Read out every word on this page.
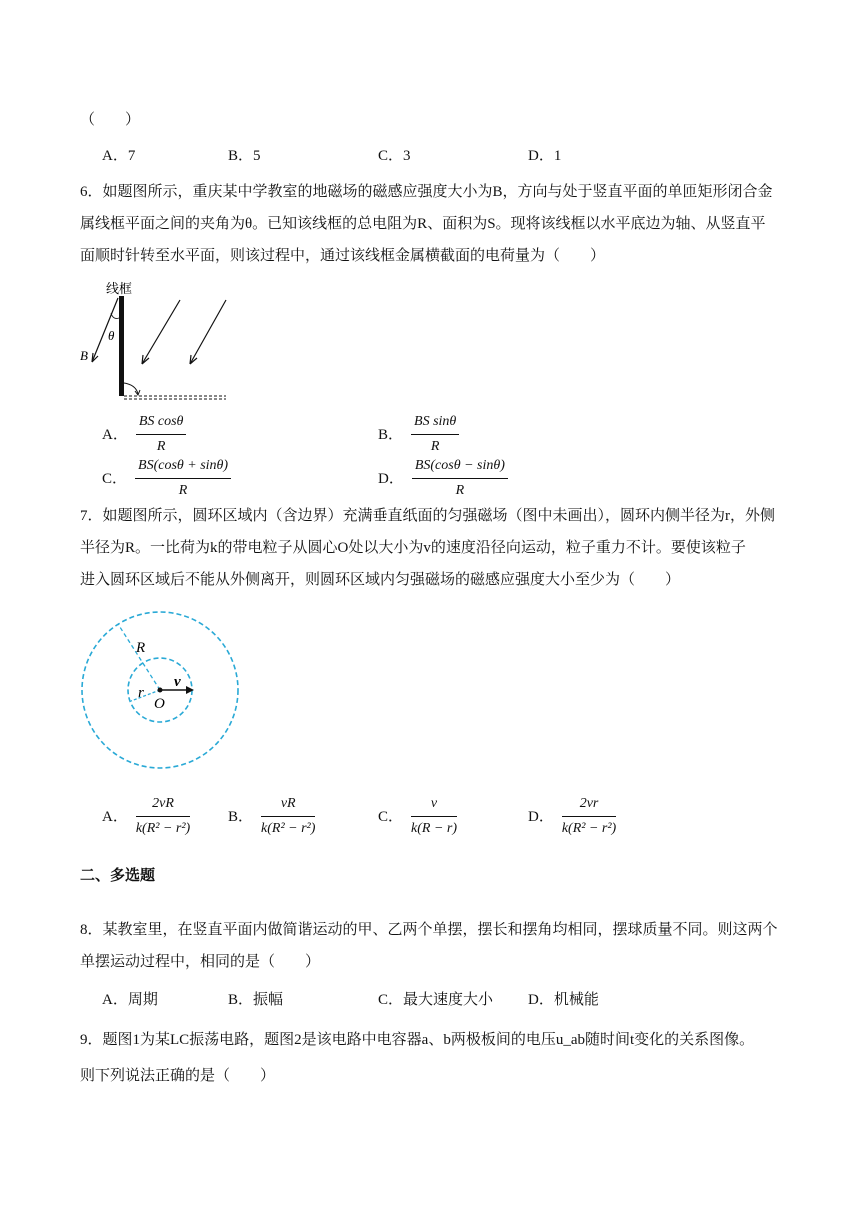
（　　）
A．7	B．5	C．3	D．1
6．如题图所示，重庆某中学教室的地磁场的磁感应强度大小为B，方向与处于竖直平面的单匝矩形闭合金
属线框平面之间的夹角为θ。已知该线框的总电阻为R、面积为S。现将该线框以水平底边为轴、从竖直平
面顺时针转至水平面，则该过程中，通过该线框金属横截面的电荷量为（　　）
线框
θ
B
A． $\frac{\text{BS cosθ}}{R}$	B． $\frac{\text{BS sinθ}}{R}$
C． $\frac{BS(\cos\theta + \sin\theta)}{R}$	D． $\frac{BS(\cos\theta - \sin\theta)}{R}$
7．如题图所示，圆环区域内（含边界）充满垂直纸面的匀强磁场（图中未画出），圆环内侧半径为r，外侧
半径为R。一比荷为k的带电粒子从圆心O处以大小为v的速度沿径向运动，粒子重力不计。要使该粒子
进入圆环区域后不能从外侧离开，则圆环区域内匀强磁场的磁感应强度大小至少为（　　）
R
r
v
O
A． $\frac{2vR}{\text{k(R² − r²)}}$	B． $\frac{vR}{\text{k(R² − r²)}}$	C． $\frac{v}{k(R - r)}$	D． $\frac{2vr}{\text{k(R² − r²)}}$
二、多选题
8．某教室里，在竖直平面内做简谐运动的甲、乙两个单摆，摆长和摆角均相同，摆球质量不同。则这两个
单摆运动过程中，相同的是（　　）
A．周期	B．振幅	C．最大速度大小 D．机械能
9．题图1为某LC振荡电路，题图2是该电路中电容器a、b两极板间的电压u_ab随时间t变化的关系图像。
则下列说法正确的是（　　）
